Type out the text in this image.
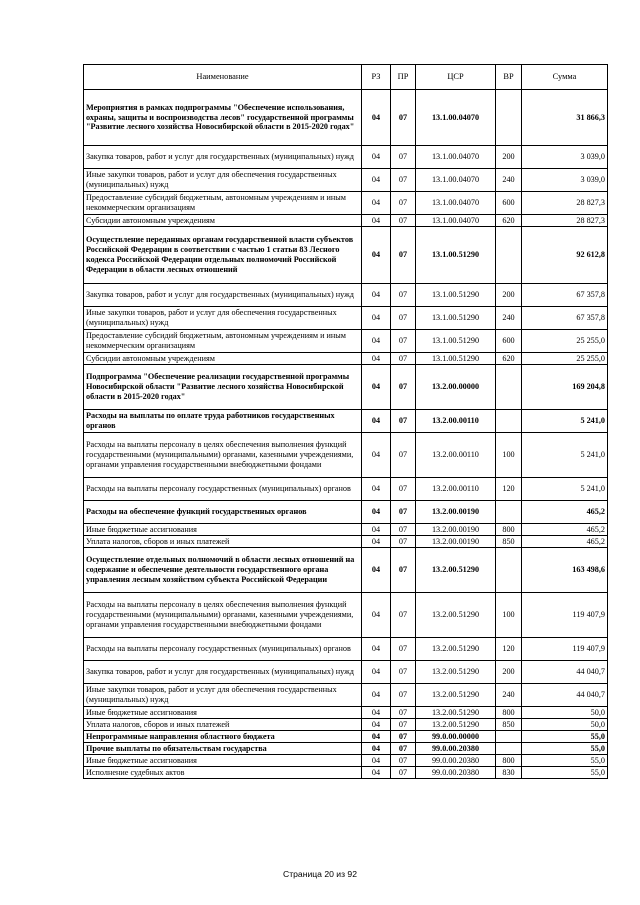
Наименование	РЗ	ПР	ЦСР	ВР	Сумма
Мероприятия в рамках подпрограммы "Обеспечение использования, охраны, защиты и воспроизводства лесов" государственной программы "Развитие лесного хозяйства Новосибирской области в 2015-2020 годах"	04	07	13.1.00.04070		31 866,3
Закупка товаров, работ и услуг для государственных (муниципальных) нужд	04	07	13.1.00.04070	200	3 039,0
Иные закупки товаров, работ и услуг для обеспечения государственных (муниципальных) нужд	04	07	13.1.00.04070	240	3 039,0
Предоставление субсидий бюджетным, автономным учреждениям и иным некоммерческим организациям	04	07	13.1.00.04070	600	28 827,3
Субсидии автономным учреждениям	04	07	13.1.00.04070	620	28 827,3
Осуществление переданных органам государственной власти субъектов Российской Федерации в соответствии с частью 1 статьи 83 Лесного кодекса Российской Федерации отдельных полномочий Российской Федерации в области лесных отношений	04	07	13.1.00.51290		92 612,8
Закупка товаров, работ и услуг для государственных (муниципальных) нужд	04	07	13.1.00.51290	200	67 357,8
Иные закупки товаров, работ и услуг для обеспечения государственных (муниципальных) нужд	04	07	13.1.00.51290	240	67 357,8
Предоставление субсидий бюджетным, автономным учреждениям и иным некоммерческим организациям	04	07	13.1.00.51290	600	25 255,0
Субсидии автономным учреждениям	04	07	13.1.00.51290	620	25 255,0
Подпрограмма "Обеспечение реализации государственной программы Новосибирской области "Развитие лесного хозяйства Новосибирской области в 2015-2020 годах"	04	07	13.2.00.00000		169 204,8
Расходы на выплаты по оплате труда работников государственных органов	04	07	13.2.00.00110		5 241,0
Расходы на выплаты персоналу в целях обеспечения выполнения функций государственными (муниципальными) органами, казенными учреждениями, органами управления государственными внебюджетными фондами	04	07	13.2.00.00110	100	5 241,0
Расходы на выплаты персоналу государственных (муниципальных) органов	04	07	13.2.00.00110	120	5 241,0
Расходы на обеспечение функций государственных органов	04	07	13.2.00.00190		465,2
Иные бюджетные ассигнования	04	07	13.2.00.00190	800	465,2
Уплата налогов, сборов и иных платежей	04	07	13.2.00.00190	850	465,2
Осуществление отдельных полномочий в области лесных отношений на содержание и обеспечение деятельности государственного органа управления лесным хозяйством субъекта Российской Федерации	04	07	13.2.00.51290		163 498,6
Расходы на выплаты персоналу в целях обеспечения выполнения функций государственными (муниципальными) органами, казенными учреждениями, органами управления государственными внебюджетными фондами	04	07	13.2.00.51290	100	119 407,9
Расходы на выплаты персоналу государственных (муниципальных) органов	04	07	13.2.00.51290	120	119 407,9
Закупка товаров, работ и услуг для государственных (муниципальных) нужд	04	07	13.2.00.51290	200	44 040,7
Иные закупки товаров, работ и услуг для обеспечения государственных (муниципальных) нужд	04	07	13.2.00.51290	240	44 040,7
Иные бюджетные ассигнования	04	07	13.2.00.51290	800	50,0
Уплата налогов, сборов и иных платежей	04	07	13.2.00.51290	850	50,0
Непрограммные направления областного бюджета	04	07	99.0.00.00000		55,0
Прочие выплаты по обязательствам государства	04	07	99.0.00.20380		55,0
Иные бюджетные ассигнования	04	07	99.0.00.20380	800	55,0
Исполнение судебных актов	04	07	99.0.00.20380	830	55,0
Страница 20 из 92
